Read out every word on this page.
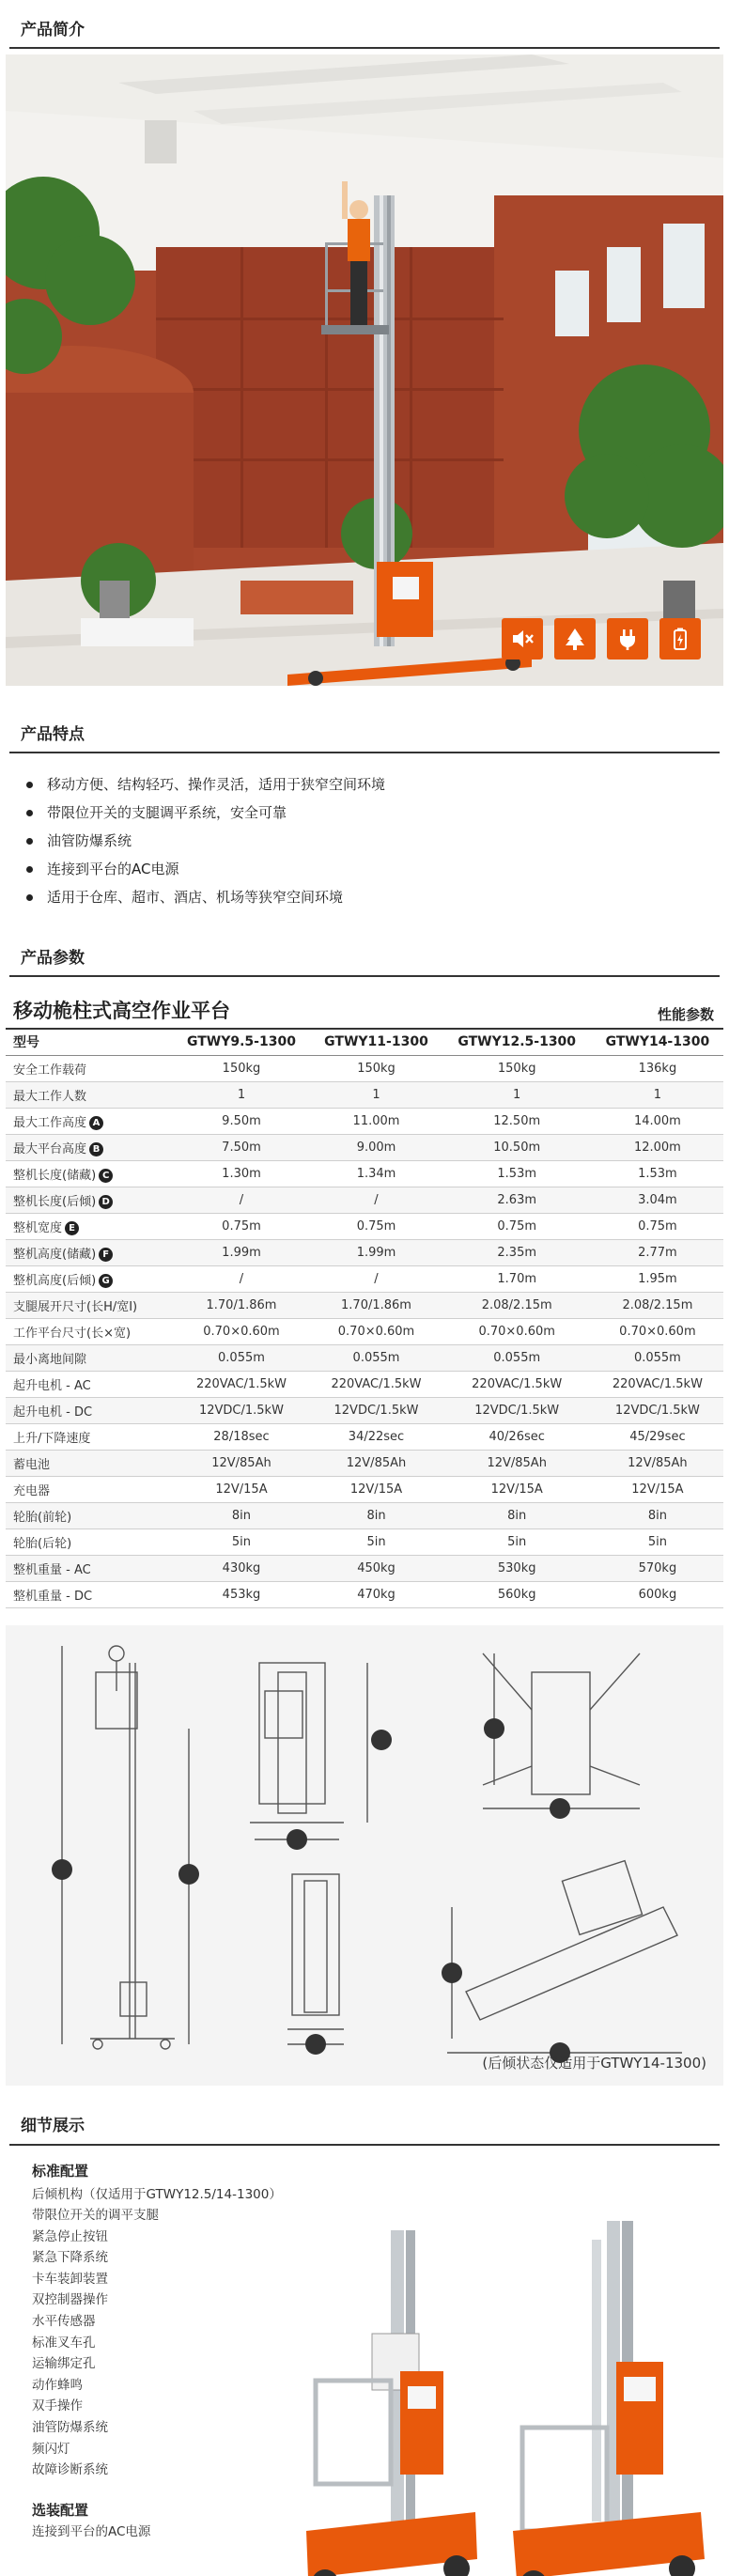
产品简介
产品特点
移动方便、结构轻巧、操作灵活，适用于狭窄空间环境
带限位开关的支腿调平系统，安全可靠
油管防爆系统
连接到平台的AC电源
适用于仓库、超市、酒店、机场等狭窄空间环境
产品参数
移动桅柱式高空作业平台	性能参数
型号	GTWY9.5-1300	GTWY11-1300	GTWY12.5-1300	GTWY14-1300
安全工作载荷	150kg	150kg	150kg	136kg
最大工作人数	1	1	1	1
最大工作高度 A	9.50m	11.00m	12.50m	14.00m
最大平台高度 B	7.50m	9.00m	10.50m	12.00m
整机长度(储藏) C	1.30m	1.34m	1.53m	1.53m
整机长度(后倾) D	/	/	2.63m	3.04m
整机宽度 E	0.75m	0.75m	0.75m	0.75m
整机高度(储藏) F	1.99m	1.99m	2.35m	2.77m
整机高度(后倾) G	/	/	1.70m	1.95m
支腿展开尺寸(长H/宽I)	1.70/1.86m	1.70/1.86m	2.08/2.15m	2.08/2.15m
工作平台尺寸(长×宽)	0.70×0.60m	0.70×0.60m	0.70×0.60m	0.70×0.60m
最小离地间隙	0.055m	0.055m	0.055m	0.055m
起升电机 - AC	220VAC/1.5kW	220VAC/1.5kW	220VAC/1.5kW	220VAC/1.5kW
起升电机 - DC	12VDC/1.5kW	12VDC/1.5kW	12VDC/1.5kW	12VDC/1.5kW
上升/下降速度	28/18sec	34/22sec	40/26sec	45/29sec
蓄电池	12V/85Ah	12V/85Ah	12V/85Ah	12V/85Ah
充电器	12V/15A	12V/15A	12V/15A	12V/15A
轮胎(前轮)	8in	8in	8in	8in
轮胎(后轮)	5in	5in	5in	5in
整机重量 - AC	430kg	450kg	530kg	570kg
整机重量 - DC	453kg	470kg	560kg	600kg
(后倾状态仅适用于GTWY14-1300)
细节展示
标准配置
后倾机构（仅适用于GTWY12.5/14-1300）
带限位开关的调平支腿
紧急停止按钮
紧急下降系统
卡车装卸装置
双控制器操作
水平传感器
标准叉车孔
运输绑定孔
动作蜂鸣
双手操作
油管防爆系统
频闪灯
故障诊断系统
选装配置
连接到平台的AC电源
